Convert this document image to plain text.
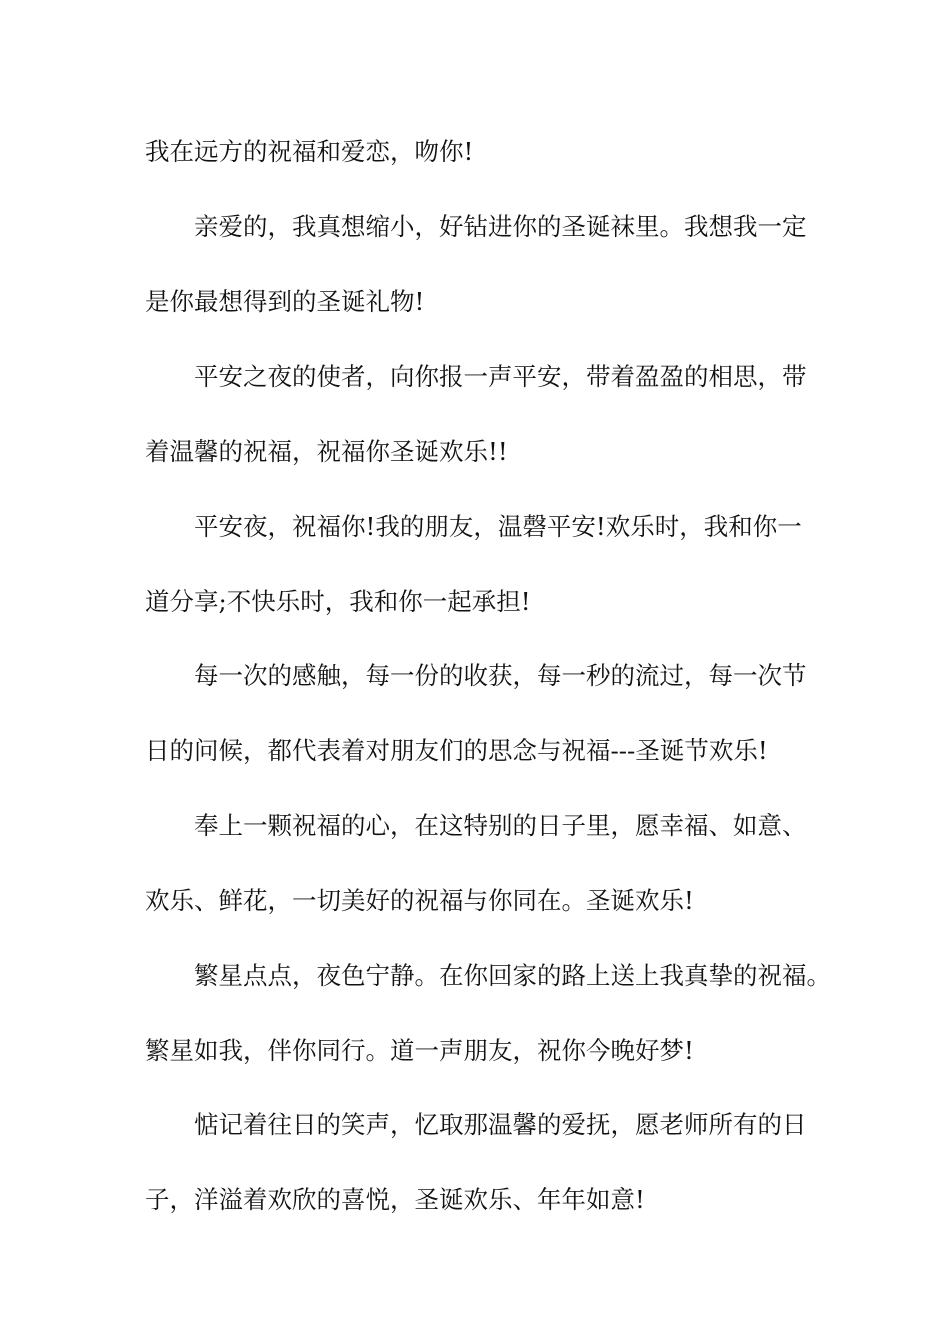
我在远方的祝福和爱恋，吻你!
亲爱的，我真想缩小，好钻进你的圣诞袜里。我想我一定
是你最想得到的圣诞礼物!
平安之夜的使者，向你报一声平安，带着盈盈的相思，带
着温馨的祝福，祝福你圣诞欢乐!!
平安夜，祝福你!我的朋友，温磬平安!欢乐时，我和你一
道分享;不快乐时，我和你一起承担!
每一次的感触，每一份的收获，每一秒的流过，每一次节
日的问候，都代表着对朋友们的思念与祝福---圣诞节欢乐!
奉上一颗祝福的心，在这特别的日子里，愿幸福、如意、
欢乐、鲜花，一切美好的祝福与你同在。圣诞欢乐!
繁星点点，夜色宁静。在你回家的路上送上我真挚的祝福。
繁星如我，伴你同行。道一声朋友，祝你今晚好梦!
惦记着往日的笑声，忆取那温馨的爱抚，愿老师所有的日
子，洋溢着欢欣的喜悦，圣诞欢乐、年年如意!
